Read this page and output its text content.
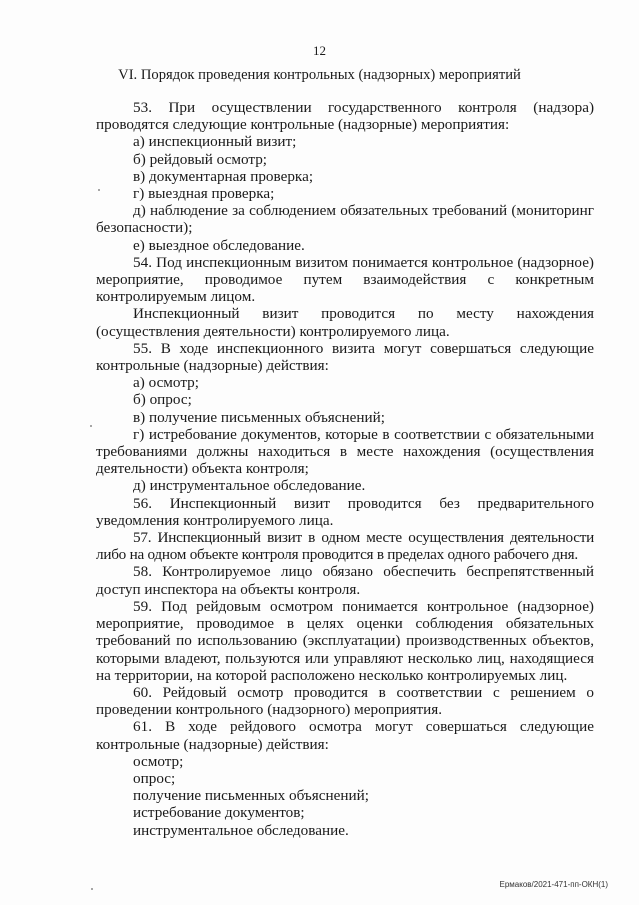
12
VI. Порядок проведения контрольных (надзорных) мероприятий

53. При осуществлении государственного контроля (надзора) проводятся следующие контрольные (надзорные) мероприятия:

а) инспекционный визит;

б) рейдовый осмотр;

в) документарная проверка;

г) выездная проверка;

д) наблюдение за соблюдением обязательных требований (мониторинг безопасности);

е) выездное обследование.

54. Под инспекционным визитом понимается контрольное (надзорное) мероприятие, проводимое путем взаимодействия с конкретным контролируемым лицом.

Инспекционный визит проводится по месту нахождения (осуществления деятельности) контролируемого лица.

55. В ходе инспекционного визита могут совершаться следующие контрольные (надзорные) действия:

а) осмотр;

б) опрос;

в) получение письменных объяснений;

г) истребование документов, которые в соответствии с обязательными требованиями должны находиться в месте нахождения (осуществления деятельности) объекта контроля;

д) инструментальное обследование.

56. Инспекционный визит проводится без предварительного уведомления контролируемого лица.

57. Инспекционный визит в одном месте осуществления деятельности либо на одном объекте контроля проводится в пределах одного рабочего дня.

58. Контролируемое лицо обязано обеспечить беспрепятственный доступ инспектора на объекты контроля.

59. Под рейдовым осмотром понимается контрольное (надзорное) мероприятие, проводимое в целях оценки соблюдения обязательных требований по использованию (эксплуатации) производственных объектов, которыми владеют, пользуются или управляют несколько лиц, находящиеся на территории, на которой расположено несколько контролируемых лиц.

60. Рейдовый осмотр проводится в соответствии с решением о проведении контрольного (надзорного) мероприятия.

61. В ходе рейдового осмотра могут совершаться следующие контрольные (надзорные) действия:

осмотр;

опрос;

получение письменных объяснений;

истребование документов;

инструментальное обследование.

Ермаков/2021-471-пп-ОКН(1)
